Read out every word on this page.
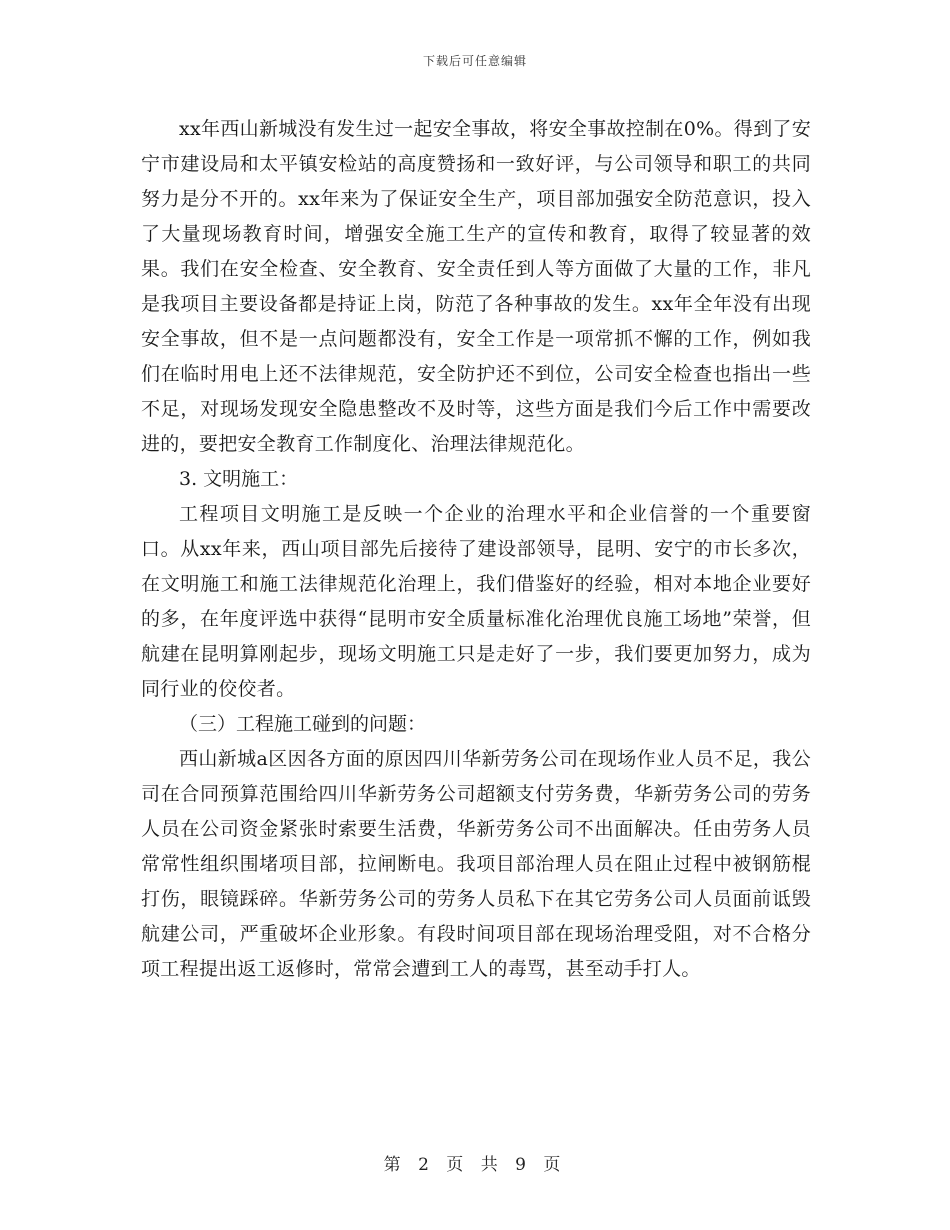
下载后可任意编辑

xx年西山新城没有发生过一起安全事故，将安全事故控制在0%。得到了安宁市建设局和太平镇安检站的高度赞扬和一致好评，与公司领导和职工的共同努力是分不开的。xx年来为了保证安全生产，项目部加强安全防范意识，投入了大量现场教育时间，增强安全施工生产的宣传和教育，取得了较显著的效果。我们在安全检查、安全教育、安全责任到人等方面做了大量的工作，非凡是我项目主要设备都是持证上岗，防范了各种事故的发生。xx年全年没有出现安全事故，但不是一点问题都没有，安全工作是一项常抓不懈的工作，例如我们在临时用电上还不法律规范，安全防护还不到位，公司安全检查也指出一些不足，对现场发现安全隐患整改不及时等，这些方面是我们今后工作中需要改进的，要把安全教育工作制度化、治理法律规范化。

3. 文明施工：

工程项目文明施工是反映一个企业的治理水平和企业信誉的一个重要窗口。从xx年来，西山项目部先后接待了建设部领导，昆明、安宁的市长多次，在文明施工和施工法律规范化治理上，我们借鉴好的经验，相对本地企业要好的多，在年度评选中获得“昆明市安全质量标准化治理优良施工场地”荣誉，但航建在昆明算刚起步，现场文明施工只是走好了一步，我们要更加努力，成为同行业的佼佼者。

（三）工程施工碰到的问题：

西山新城a区因各方面的原因四川华新劳务公司在现场作业人员不足，我公司在合同预算范围给四川华新劳务公司超额支付劳务费，华新劳务公司的劳务人员在公司资金紧张时索要生活费，华新劳务公司不出面解决。任由劳务人员常常性组织围堵项目部，拉闸断电。我项目部治理人员在阻止过程中被钢筋棍打伤，眼镜踩碎。华新劳务公司的劳务人员私下在其它劳务公司人员面前诋毁航建公司，严重破坏企业形象。有段时间项目部在现场治理受阻，对不合格分项工程提出返工返修时，常常会遭到工人的毒骂，甚至动手打人。

第 2 页 共 9 页
